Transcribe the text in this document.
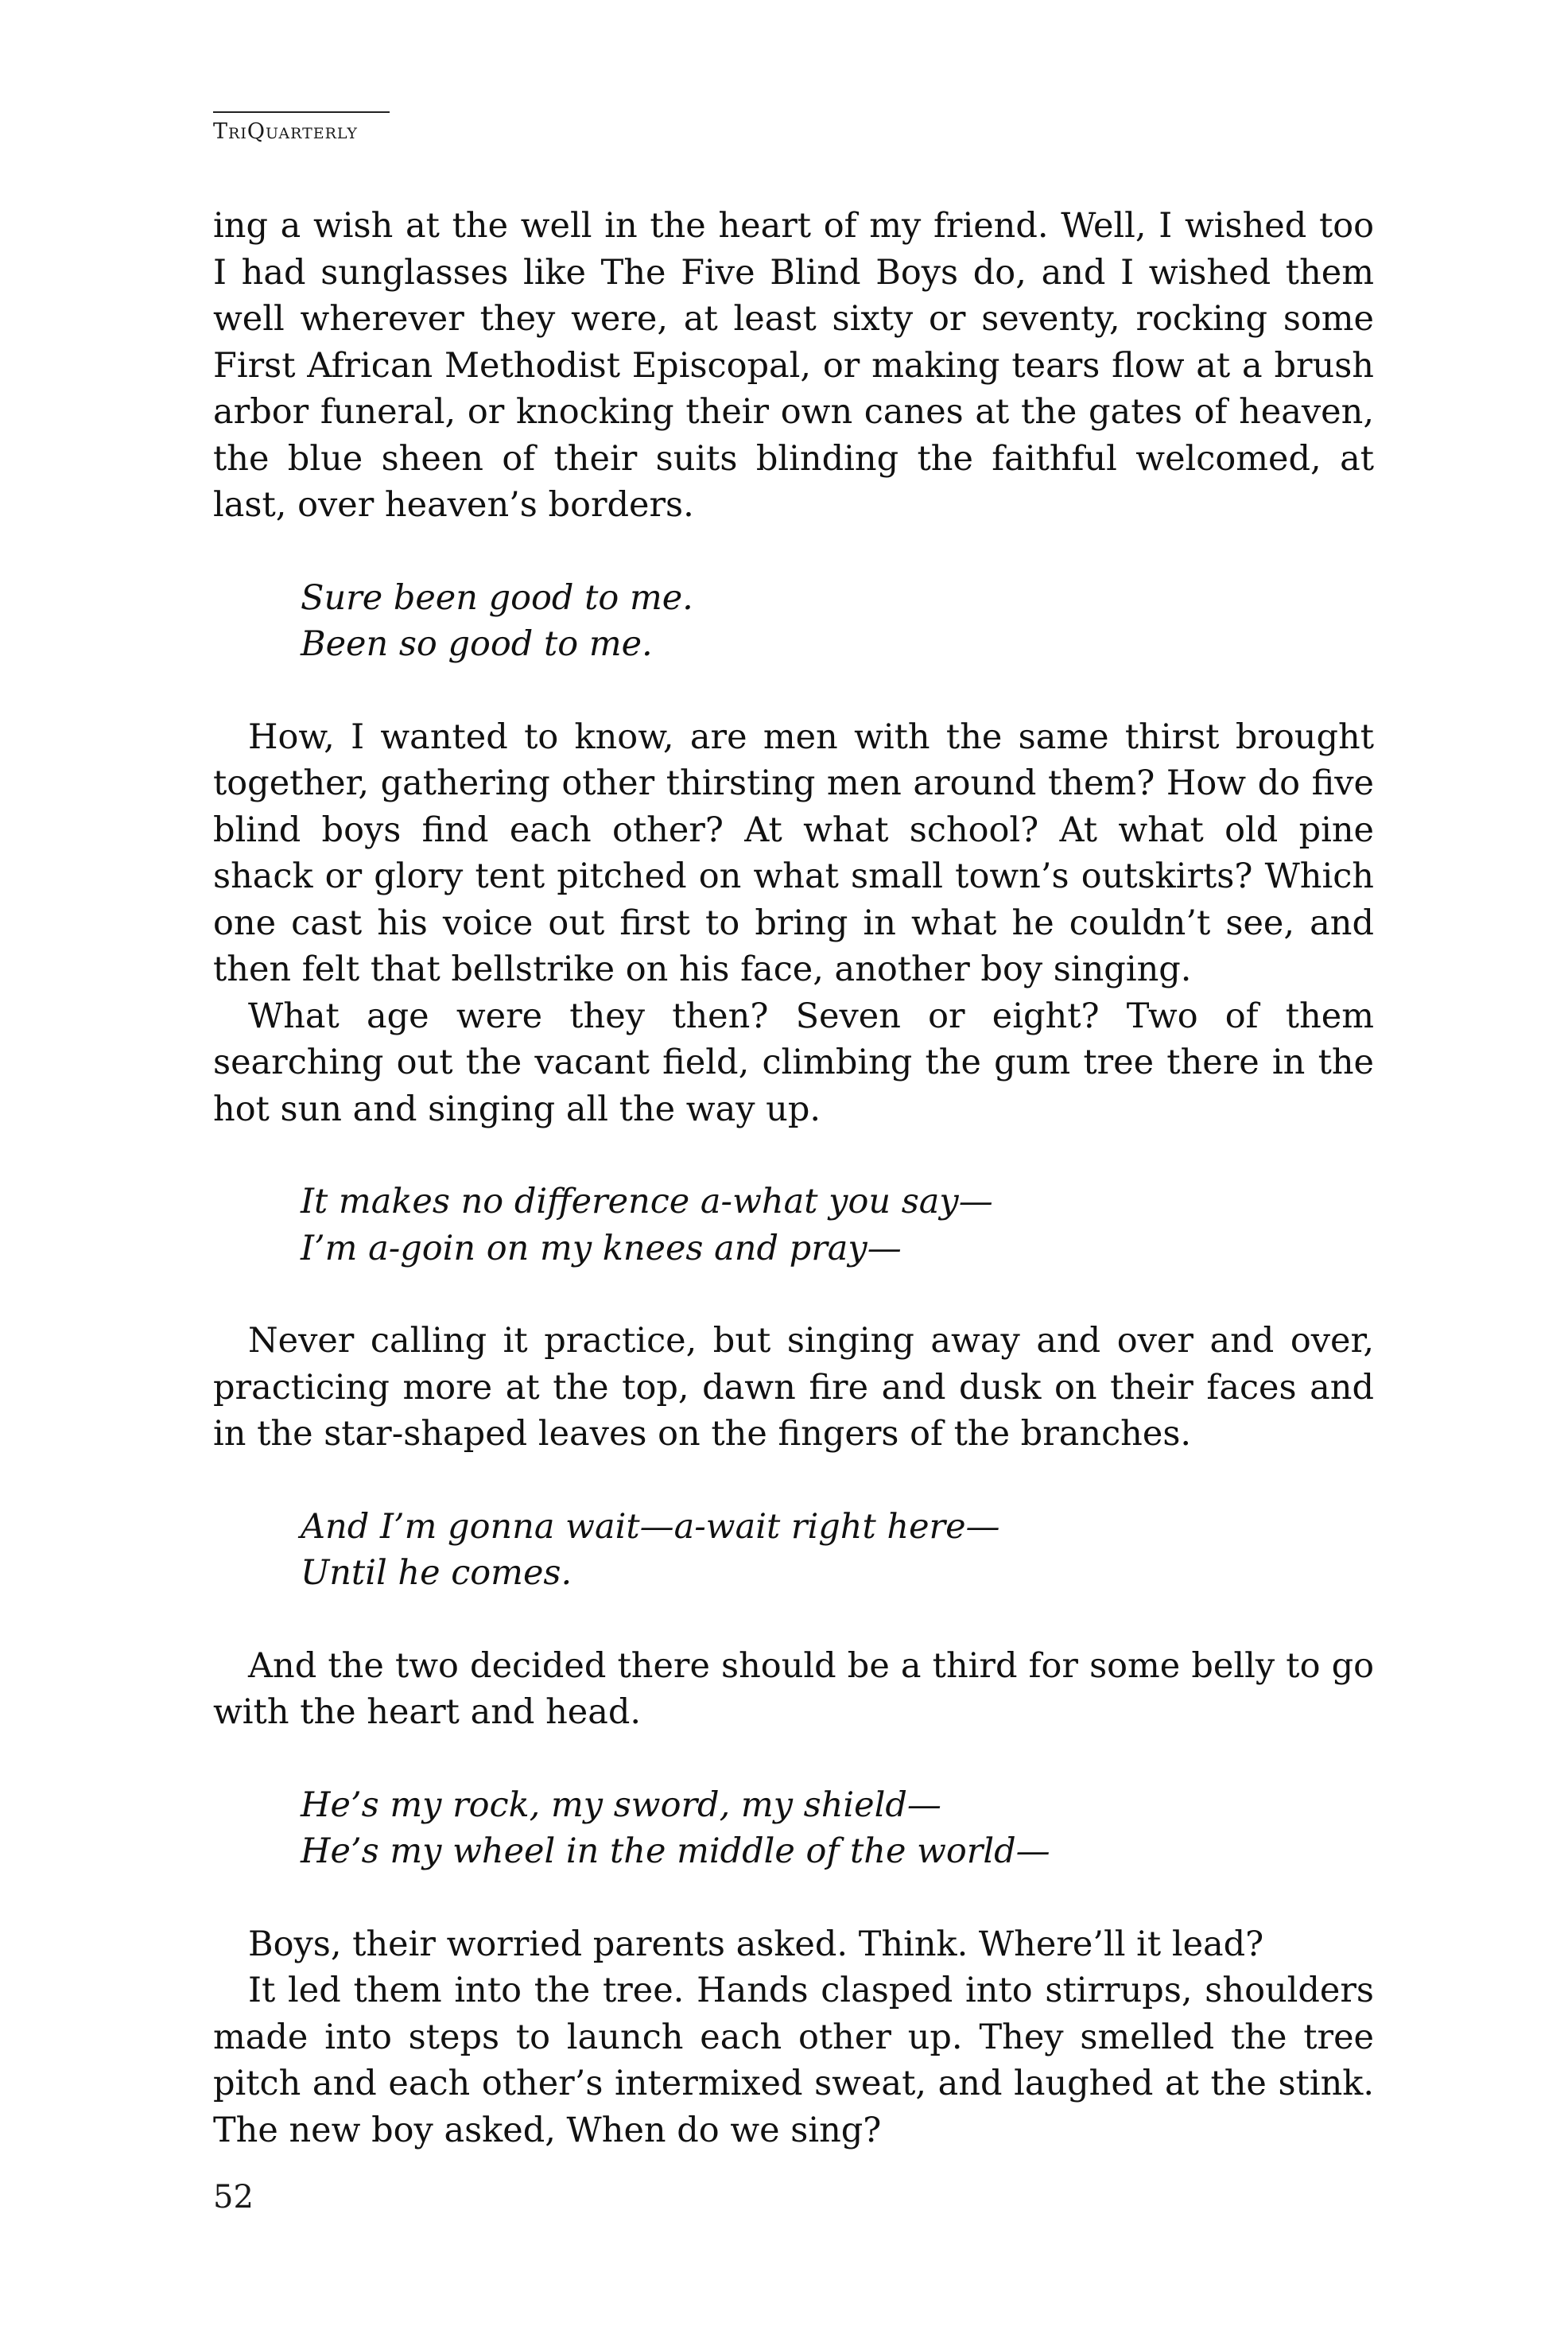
TriQuarterly

ing a wish at the well in the heart of my friend. Well, I wished too I had sunglasses like The Five Blind Boys do, and I wished them well wherever they were, at least sixty or seventy, rocking some First African Methodist Episcopal, or making tears flow at a brush arbor funeral, or knocking their own canes at the gates of heaven, the blue sheen of their suits blinding the faithful welcomed, at last, over heaven’s borders.

Sure been good to me.
Been so good to me.

How, I wanted to know, are men with the same thirst brought together, gathering other thirsting men around them? How do five blind boys find each other? At what school? At what old pine shack or glory tent pitched on what small town’s outskirts? Which one cast his voice out first to bring in what he couldn’t see, and then felt that bellstrike on his face, another boy singing.

What age were they then? Seven or eight? Two of them searching out the vacant field, climbing the gum tree there in the hot sun and singing all the way up.

It makes no difference a-what you say—
I’m a-goin on my knees and pray—

Never calling it practice, but singing away and over and over, practicing more at the top, dawn fire and dusk on their faces and in the star-shaped leaves on the fingers of the branches.

And I’m gonna wait—a-wait right here—
Until he comes.

And the two decided there should be a third for some belly to go with the heart and head.

He’s my rock, my sword, my shield—
He’s my wheel in the middle of the world—

Boys, their worried parents asked. Think. Where’ll it lead?

It led them into the tree. Hands clasped into stirrups, shoulders made into steps to launch each other up. They smelled the tree pitch and each other’s intermixed sweat, and laughed at the stink. The new boy asked, When do we sing?

52
